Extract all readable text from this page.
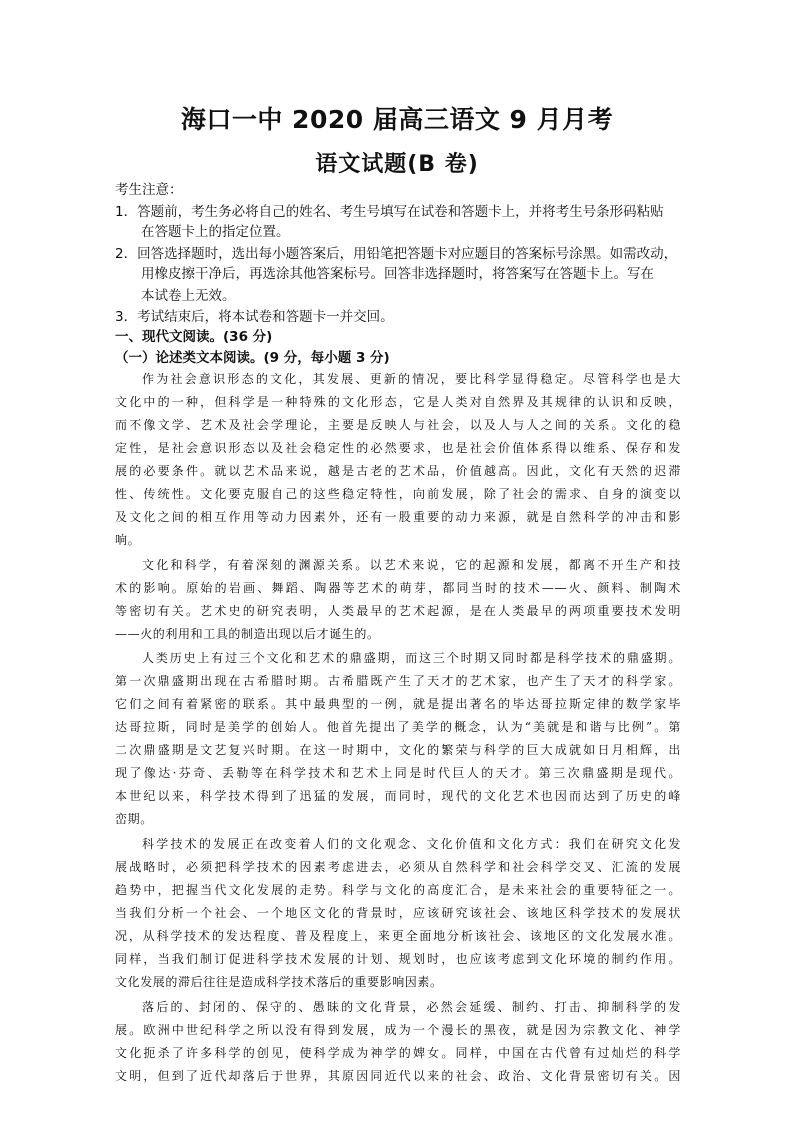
海口一中 2020 届高三语文 9 月月考
语文试题(B 卷)
考生注意：
1．答题前，考生务必将自己的姓名、考生号填写在试卷和答题卡上，并将考生号条形码粘贴
在答题卡上的指定位置。
2．回答选择题时，选出每小题答案后，用铅笔把答题卡对应题目的答案标号涂黑。如需改动，
用橡皮擦干净后，再选涂其他答案标号。回答非选择题时，将答案写在答题卡上。写在
本试卷上无效。
3．考试结束后，将本试卷和答题卡一并交回。
一、现代文阅读。(36 分)
（一）论述类文本阅读。(9 分，每小题 3 分)
作为社会意识形态的文化，其发展、更新的情况，要比科学显得稳定。尽管科学也是大
文化中的一种，但科学是一种特殊的文化形态，它是人类对自然界及其规律的认识和反映，
而不像文学、艺术及社会学理论，主要是反映人与社会，以及人与人之间的关系。文化的稳
定性，是社会意识形态以及社会稳定性的必然要求，也是社会价值体系得以维系、保存和发
展的必要条件。就以艺术品来说，越是古老的艺术品，价值越高。因此，文化有天然的迟滞
性、传统性。文化要克服自己的这些稳定特性，向前发展，除了社会的需求、自身的演变以
及文化之间的相互作用等动力因素外，还有一股重要的动力来源，就是自然科学的冲击和影
响。
文化和科学，有着深刻的渊源关系。以艺术来说，它的起源和发展，都离不开生产和技
术的影响。原始的岩画、舞蹈、陶器等艺术的萌芽，都同当时的技术——火、颜料、制陶术
等密切有关。艺术史的研究表明，人类最早的艺术起源，是在人类最早的两项重要技术发明
——火的利用和工具的制造出现以后才诞生的。
人类历史上有过三个文化和艺术的鼎盛期，而这三个时期又同时都是科学技术的鼎盛期。
第一次鼎盛期出现在古希腊时期。古希腊既产生了天才的艺术家，也产生了天才的科学家。
它们之间有着紧密的联系。其中最典型的一例，就是提出著名的毕达哥拉斯定律的数学家毕
达哥拉斯，同时是美学的创始人。他首先提出了美学的概念，认为“美就是和谐与比例”。第
二次鼎盛期是文艺复兴时期。在这一时期中，文化的繁荣与科学的巨大成就如日月相辉，出
现了像达·芬奇、丢勒等在科学技术和艺术上同是时代巨人的天才。第三次鼎盛期是现代。
本世纪以来，科学技术得到了迅猛的发展，而同时，现代的文化艺术也因而达到了历史的峰
峦期。
科学技术的发展正在改变着人们的文化观念、文化价值和文化方式：我们在研究文化发
展战略时，必须把科学技术的因素考虑进去，必须从自然科学和社会科学交叉、汇流的发展
趋势中，把握当代文化发展的走势。科学与文化的高度汇合，是未来社会的重要特征之一。
当我们分析一个社会、一个地区文化的背景时，应该研究该社会、该地区科学技术的发展状
况，从科学技术的发达程度、普及程度上，来更全面地分析该社会、该地区的文化发展水准。
同样，当我们制订促进科学技术发展的计划、规划时，也应该考虑到文化环境的制约作用。
文化发展的滞后往往是造成科学技术落后的重要影响因素。
落后的、封闭的、保守的、愚昧的文化背景，必然会延缓、制约、打击、抑制科学的发
展。欧洲中世纪科学之所以没有得到发展，成为一个漫长的黑夜，就是因为宗教文化、神学
文化扼杀了许多科学的创见，使科学成为神学的婢女。同样，中国在古代曾有过灿烂的科学
文明，但到了近代却落后于世界，其原因同近代以来的社会、政治、文化背景密切有关。因
